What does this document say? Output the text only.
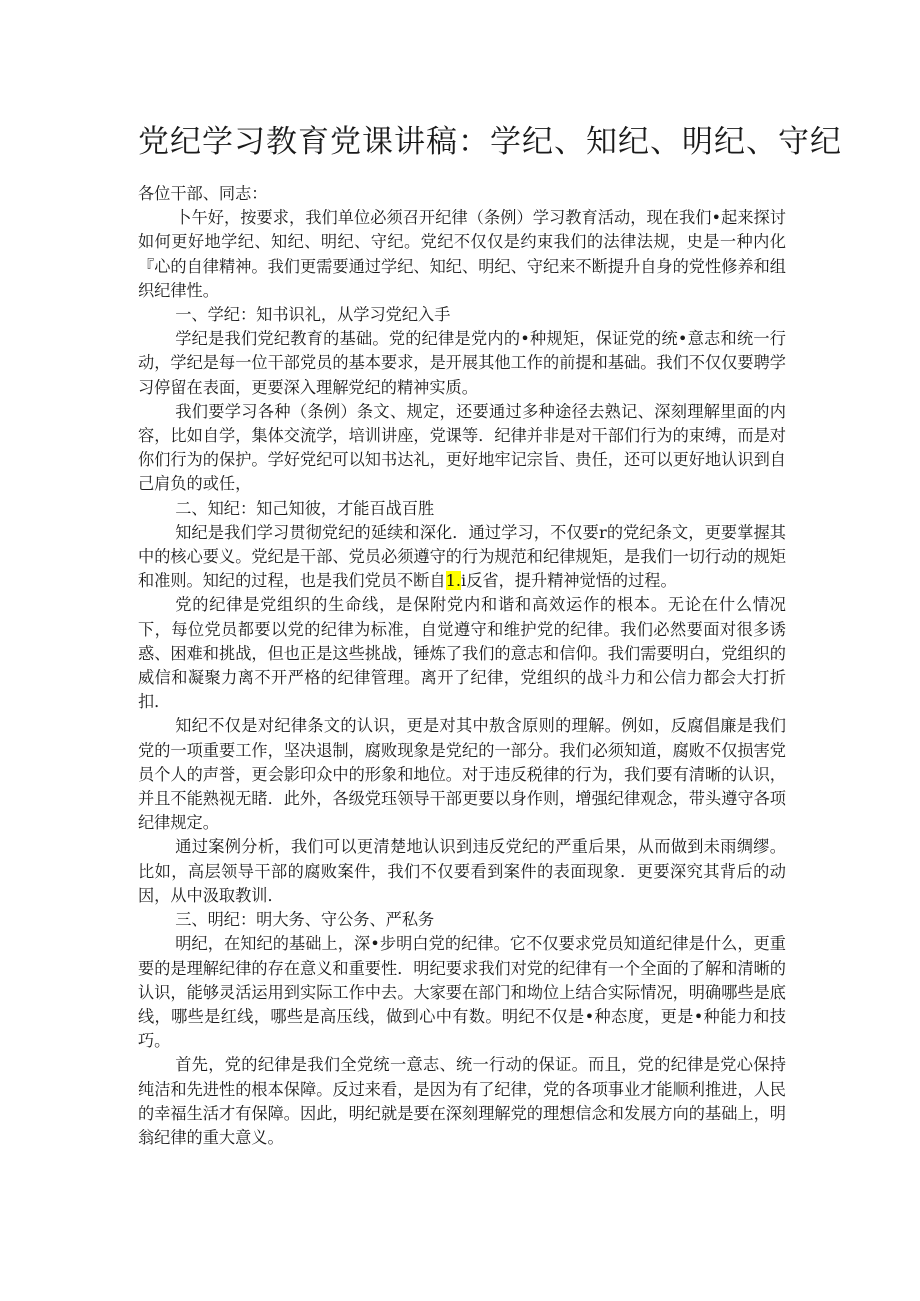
党纪学习教育党课讲稿：学纪、知纪、明纪、守纪

各位干部、同志：

卜午好，按要求，我们单位必须召开纪律（条例）学习教育活动，现在我们•起来探讨如何更好地学纪、知纪、明纪、守纪。党纪不仅仅是约束我们的法律法规，史是一种内化『心的自律精神。我们更需要通过学纪、知纪、明纪、守纪来不断提升自身的党性修养和组织纪律性。

一、学纪：知书识礼，从学习党纪入手

学纪是我们党纪教育的基础。党的纪律是党内的•种规矩，保证党的统•意志和统一行动，学纪是每一位干部党员的基本要求，是开展其他工作的前提和基础。我们不仅仅要聘学习停留在表面，更要深入理解党纪的精神实质。

我们要学习各种（条例）条文、规定，还要通过多种途径去熟记、深刻理解里面的内容，比如自学，集体交流学，培训讲座，党课等．纪律并非是对干部们行为的束缚，而是对你们行为的保护。学好党纪可以知书达礼，更好地牢记宗旨、贵任，还可以更好地认识到自己肩负的或任，

二、知纪：知己知彼，才能百战百胜

知纪是我们学习贯彻党纪的延续和深化．通过学习，不仅要r的党纪条文，更要掌握其中的核心要义。党纪是干部、党员必须遵守的行为规范和纪律规矩，是我们一切行动的规矩和准则。知纪的过程，也是我们党员不断自1.i反省，提升精神觉悟的过程。

党的纪律是党组织的生命线，是保附党内和谐和高效运作的根本。无论在什么情况下，每位党员都要以党的纪律为标准，自觉遵守和维护党的纪律。我们必然要面对很多诱惑、困难和挑战，但也正是这些挑战，锤炼了我们的意志和信仰。我们需要明白，党组织的威信和凝聚力离不开严格的纪律管理。离开了纪律，党组织的战斗力和公信力都会大打折扣．

知纪不仅是对纪律条文的认识，更是对其中敖含原则的理解。例如，反腐倡廉是我们党的一项重要工作，坚决退制，腐败现象是党纪的一部分。我们必须知道，腐败不仅损害党员个人的声誉，更会影印众中的形象和地位。对于违反税律的行为，我们要有清晰的认识，并且不能熟视无睹．此外，各级党珏领导干部更要以身作则，增强纪律观念，带头遵守各项纪律规定。

通过案例分析，我们可以更清楚地认识到违反党纪的严重后果，从而做到未雨绸缪。比如，高层领导干部的腐败案件，我们不仅要看到案件的表面现象．更要深究其背后的动因，从中汲取教训．

三、明纪：明大务、守公务、严私务

明纪，在知纪的基础上，深•步明白党的纪律。它不仅要求党员知道纪律是什么，更重要的是理解纪律的存在意义和重要性．明纪要求我们对党的纪律有一个全面的了解和清晰的认识，能够灵活运用到实际工作中去。大家要在部门和坳位上结合实际情况，明确哪些是底线，哪些是红线，哪些是高压线，做到心中有数。明纪不仅是•种态度，更是•种能力和技巧。

首先，党的纪律是我们全党统一意志、统一行动的保证。而且，党的纪律是党心保持纯洁和先进性的根本保障。反过来看，是因为有了纪律，党的各项事业才能顺利推进，人民的幸福生活才有保障。因此，明纪就是要在深刻理解党的理想信念和发展方向的基础上，明翁纪律的重大意义。
